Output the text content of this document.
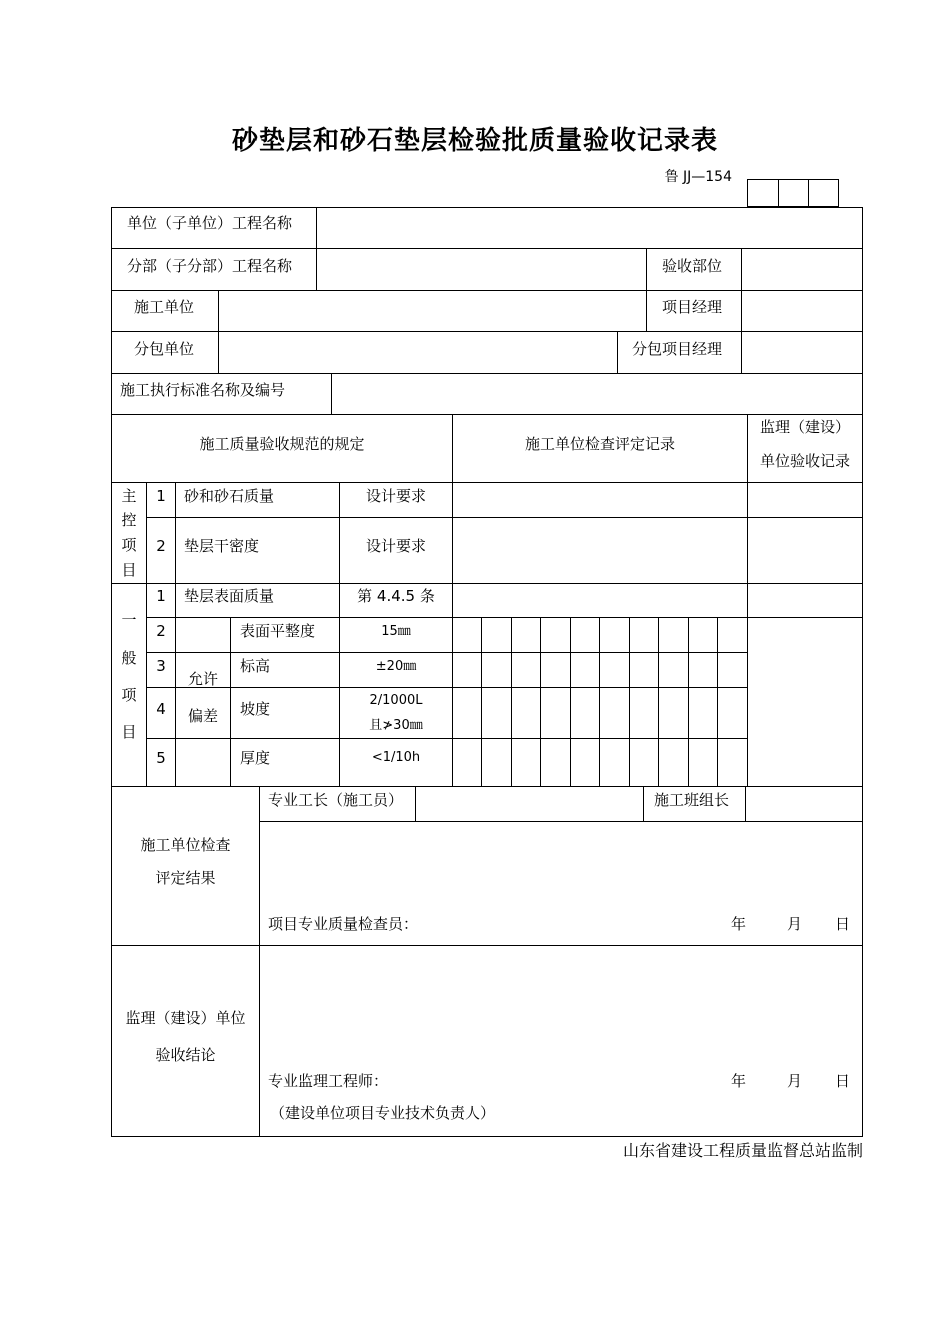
砂垫层和砂石垫层检验批质量验收记录表
鲁 JJ—154
单位（子单位）工程名称
分部（子分部）工程名称	验收部位
施工单位	项目经理
分包单位	分包项目经理
施工执行标准名称及编号
施工质量验收规范的规定	施工单位检查评定记录
监理（建设）
单位验收记录
主
控
项
目
1	砂和砂石质量	设计要求
2	垫层干密度	设计要求
一
般
项
目
1	垫层表面质量	第 4.4.5 条
允许
偏差
2	表面平整度	15㎜
3	标高	±20㎜
4	坡度	2/1000L
且≯30㎜
5	厚度	<1/10h
施工单位检查
评定结果
专业工长（施工员）	施工班组长
项目专业质量检查员：	年	月 日
监理（建设）单位
验收结论
专业监理工程师：	年	月 日
（建设单位项目专业技术负责人）
山东省建设工程质量监督总站监制
